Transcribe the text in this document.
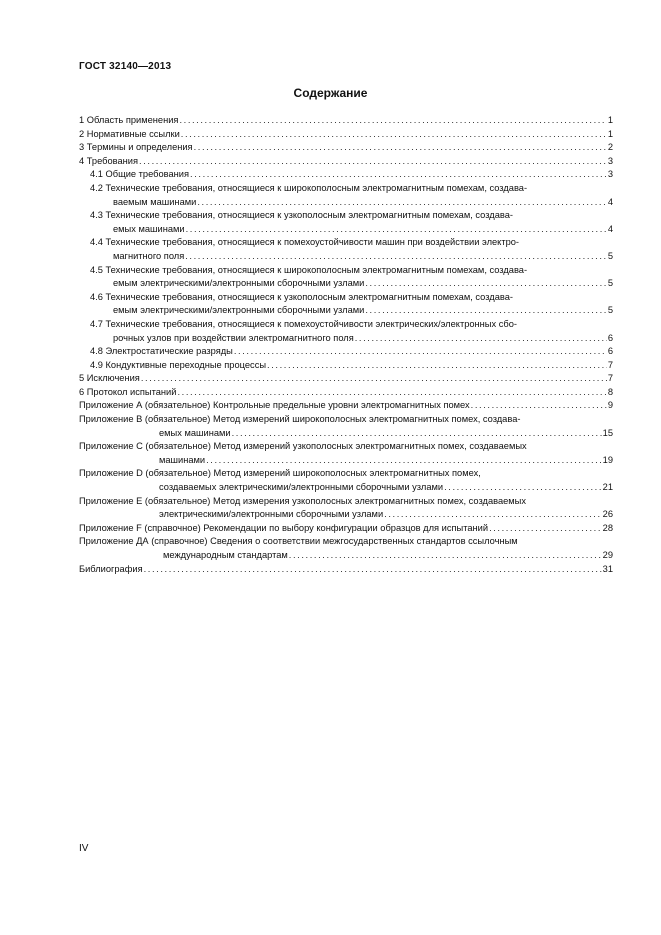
ГОСТ 32140—2013
Содержание
1 Область применения .....	1
2 Нормативные ссылки .....	1
3 Термины и определения .....	2
4 Требования .....	3
4.1 Общие требования .....	3
4.2 Технические требования, относящиеся к широкополосным электромагнитным помехам, создава-
ваемым машинами .....	4
4.3 Технические требования, относящиеся к узкополосным электромагнитным помехам, создава-
емых машинами .....	4
4.4 Технические требования, относящиеся к помехоустойчивости машин при воздействии электро-
магнитного поля .....	5
4.5 Технические требования, относящиеся к широкополосным электромагнитным помехам, создава-
емым электрическими/электронными сборочными узлами .....	5
4.6 Технические требования, относящиеся к узкополосным электромагнитным помехам, создава-
емым электрическими/электронными сборочными узлами .....	5
4.7 Технические требования, относящиеся к помехоустойчивости электрических/электронных сбо-
рочных узлов при воздействии электромагнитного поля .....	6
4.8 Электростатические разряды .....	6
4.9 Кондуктивные переходные процессы .....	7
5 Исключения .....	7
6 Протокол испытаний .....	8
Приложение А (обязательное) Контрольные предельные уровни электромагнитных помех .....	9
Приложение В (обязательное) Метод измерений широкополосных электромагнитных помех, создава-
емых машинами .....	15
Приложение С (обязательное) Метод измерений узкополосных электромагнитных помех, создаваемых
машинами .....	19
Приложение D (обязательное) Метод измерений широкополосных электромагнитных помех,
создаваемых электрическими/электронными сборочными узлами .....	21
Приложение Е (обязательное) Метод измерения узкополосных электромагнитных помех, создаваемых
электрическими/электронными сборочными узлами .....	26
Приложение F (справочное) Рекомендации по выбору конфигурации образцов для испытаний .....	28
Приложение ДА (справочное) Сведения о соответствии межгосударственных стандартов ссылочным
международным стандартам .....	29
Библиография .....	31
IV
